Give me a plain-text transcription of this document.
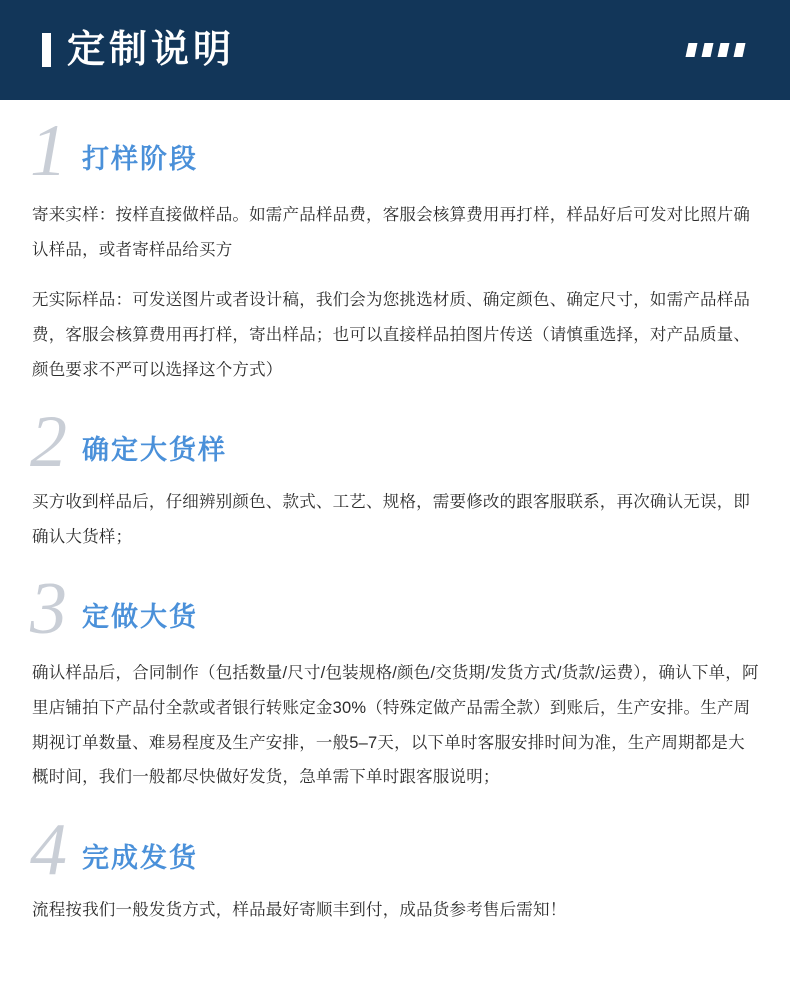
定制说明
1 打样阶段

寄来实样：按样直接做样品。如需产品样品费，客服会核算费用再打样，样品好后可发对比照片确认样品，或者寄样品给买方

无实际样品：可发送图片或者设计稿，我们会为您挑选材质、确定颜色、确定尺寸，如需产品样品费，客服会核算费用再打样，寄出样品；也可以直接样品拍图片传送（请慎重选择，对产品质量、颜色要求不严可以选择这个方式）

2 确定大货样

买方收到样品后，仔细辨别颜色、款式、工艺、规格，需要修改的跟客服联系，再次确认无误，即确认大货样；

3 定做大货

确认样品后，合同制作（包括数量/尺寸/包装规格/颜色/交货期/发货方式/货款/运费），确认下单，阿里店铺拍下产品付全款或者银行转账定金30%（特殊定做产品需全款）到账后，生产安排。生产周期视订单数量、难易程度及生产安排，一般5–7天，以下单时客服安排时间为准，生产周期都是大概时间，我们一般都尽快做好发货，急单需下单时跟客服说明；

4 完成发货

流程按我们一般发货方式，样品最好寄顺丰到付，成品货参考售后需知！
